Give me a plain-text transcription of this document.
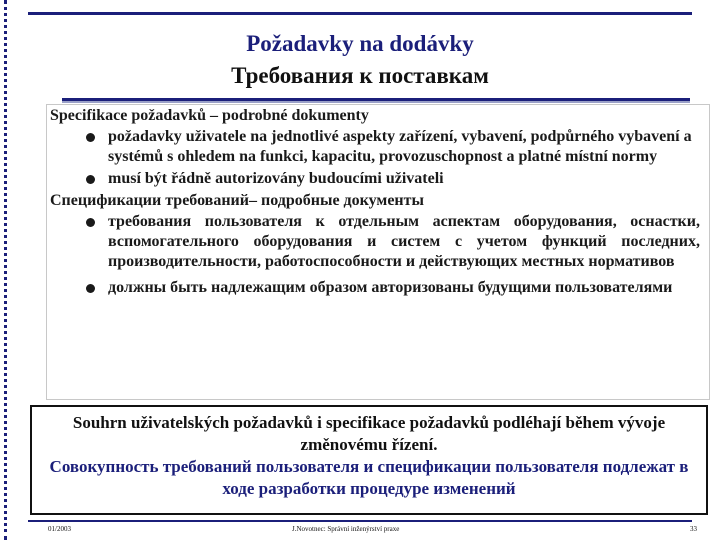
Požadavky na dodávky
Требования к поставкам

Specifikace požadavků – podrobné dokumenty

požadavky uživatele na jednotlivé aspekty zařízení, vybavení, podpůrného vybavení a systémů s ohledem na funkci, kapacitu, provozuschopnost a platné místní normy
musí být řádně autorizovány budoucími uživateli

Спецификации требований– подробные документы

требования пользователя к отдельным аспектам оборудования, оснастки, вспомогательного оборудования и систем с учетом функций последних, производительности, работоспособности и действующих местных нормативов
должны быть надлежащим образом авторизованы будущими пользователями
Souhrn uživatelských požadavků i specifikace požadavků podléhají během vývoje změnovému řízení.
Совокупность требований пользователя и спецификации пользователя подлежат в ходе разработки процедуре изменений
01/2003	J.Novotnec: Správní inženýrství praxe	33
